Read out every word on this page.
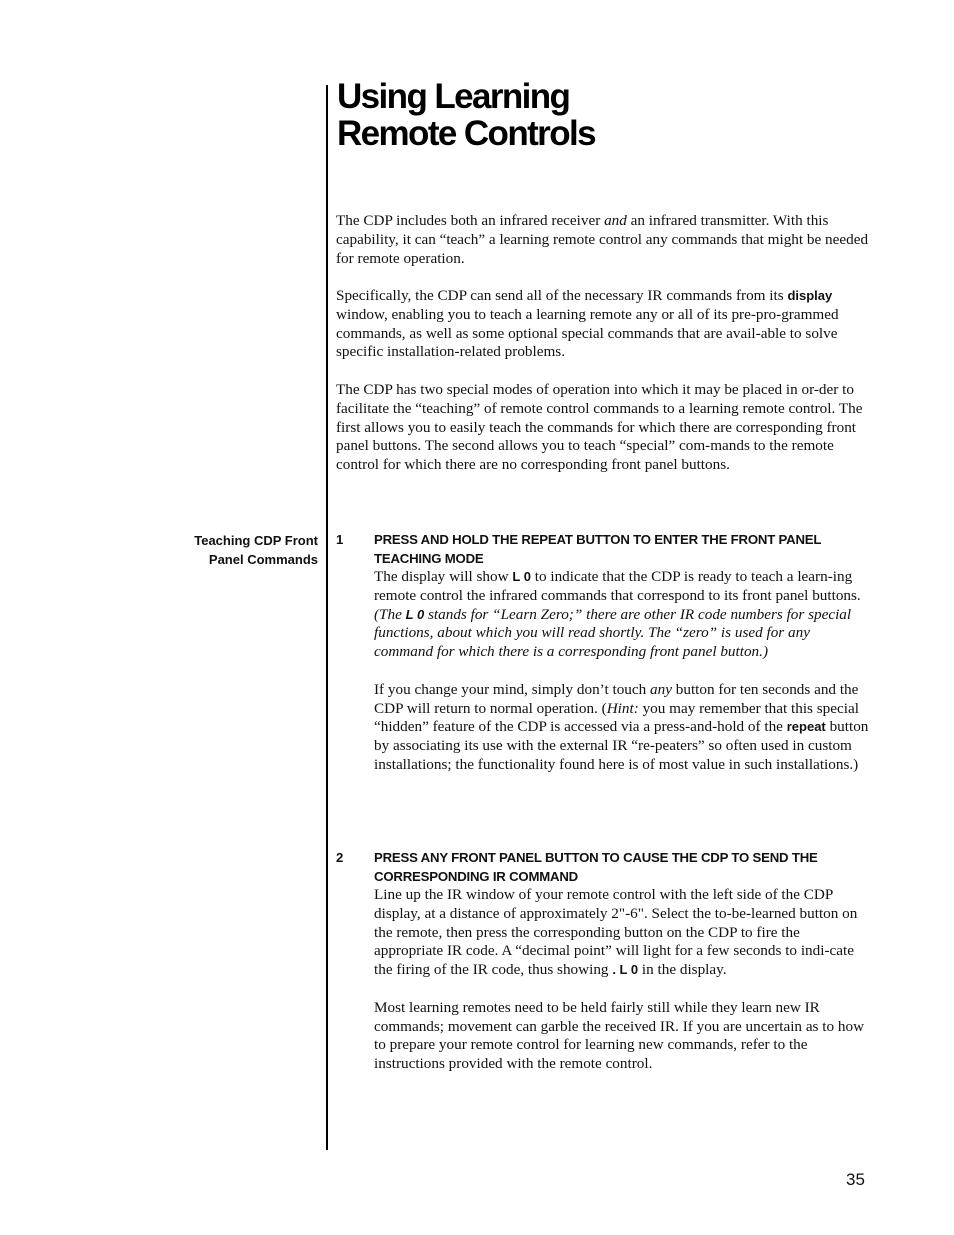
Using Learning
Remote Controls

The CDP includes both an infrared receiver and an infrared transmitter. With this capability, it can “teach” a learning remote control any commands that might be needed for remote operation.

Specifically, the CDP can send all of the necessary IR commands from its display window, enabling you to teach a learning remote any or all of its pre-pro-grammed commands, as well as some optional special commands that are avail-able to solve specific installation-related problems.

The CDP has two special modes of operation into which it may be placed in or-der to facilitate the “teaching” of remote control commands to a learning remote control. The first allows you to easily teach the commands for which there are corresponding front panel buttons. The second allows you to teach “special” com-mands to the remote control for which there are no corresponding front panel buttons.

Teaching CDP Front
Panel Commands

1 PRESS AND HOLD THE REPEAT BUTTON TO ENTER THE FRONT PANEL
TEACHING MODE

The display will show L 0 to indicate that the CDP is ready to teach a learn-ing remote control the infrared commands that correspond to its front panel buttons. (The L 0 stands for “Learn Zero;” there are other IR code numbers for special functions, about which you will read shortly. The “zero” is used for any command for which there is a corresponding front panel button.)

If you change your mind, simply don’t touch any button for ten seconds and the CDP will return to normal operation. (Hint: you may remember that this special “hidden” feature of the CDP is accessed via a press-and-hold of the repeat button by associating its use with the external IR “re-peaters” so often used in custom installations; the functionality found here is of most value in such installations.)

2 PRESS ANY FRONT PANEL BUTTON TO CAUSE THE CDP TO SEND THE
CORRESPONDING IR COMMAND

Line up the IR window of your remote control with the left side of the CDP display, at a distance of approximately 2"-6". Select the to-be-learned button on the remote, then press the corresponding button on the CDP to fire the appropriate IR code. A “decimal point” will light for a few seconds to indi-cate the firing of the IR code, thus showing . L 0 in the display.

Most learning remotes need to be held fairly still while they learn new IR commands; movement can garble the received IR. If you are uncertain as to how to prepare your remote control for learning new commands, refer to the instructions provided with the remote control.

35
